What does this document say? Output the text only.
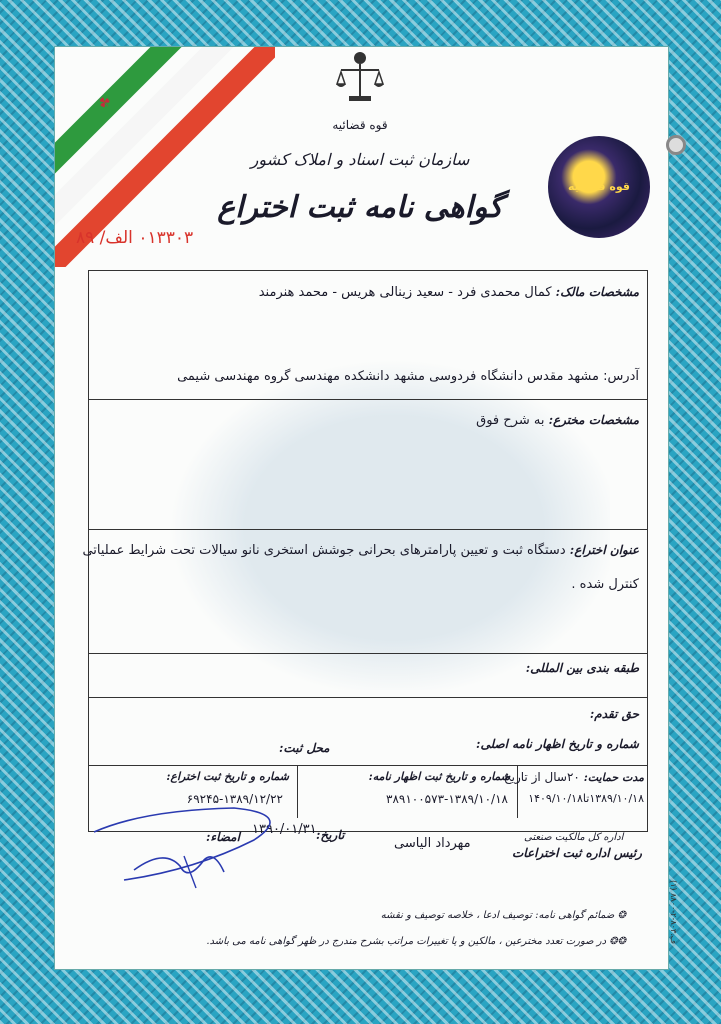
☘
قوه قضائیه
سازمان ثبت اسناد و املاک کشور
گواهی نامه ثبت اختراع
۰۱۳۳۰۳ الف/ ۸۹
قوه قضائیه
مشخصات مالک: کمال محمدی فرد - سعید زینالی هریس - محمد هنرمند
آدرس: مشهد مقدس دانشگاه فردوسی مشهد دانشکده مهندسی گروه مهندسی شیمی
مشخصات مخترع: به شرح فوق
عنوان اختراع: دستگاه ثبت و تعیین پارامترهای بحرانی جوشش استخری نانو سیالات تحت شرایط عملیاتی
کنترل شده .
طبقه بندی بین المللی:
حق تقدم:
شماره و تاریخ اظهار نامه اصلی:
محل ثبت:
شماره و تاریخ ثبت اختراع:
۶۹۲۴۵-۱۳۸۹/۱۲/۲۲
شماره و تاریخ ثبت اظهار نامه:
۳۸۹۱۰۰۵۷۳-۱۳۸۹/۱۰/۱۸
مدت حمایت: ۲۰سال از تاریخ
۱۳۸۹/۱۰/۱۸تا۱۴۰۹/۱۰/۱۸
اداره کل مالکیت صنعتی
رئیس اداره ثبت اختراعات
مهرداد الیاسی
تاریخ:
۱۳۹۰/۰۱/۳۱
امضاء:
❂ ضمائم گواهی نامه: توصیف ادعا ، خلاصه توصیف و نقشه
❂❂ در صورت تعدد مخترعین ، مالکین و یا تغییرات مراتب بشرح مندرج در ظهر گواهی نامه می باشد.
(۱) ف.۸۰۳-۲-۸۸۰۰
